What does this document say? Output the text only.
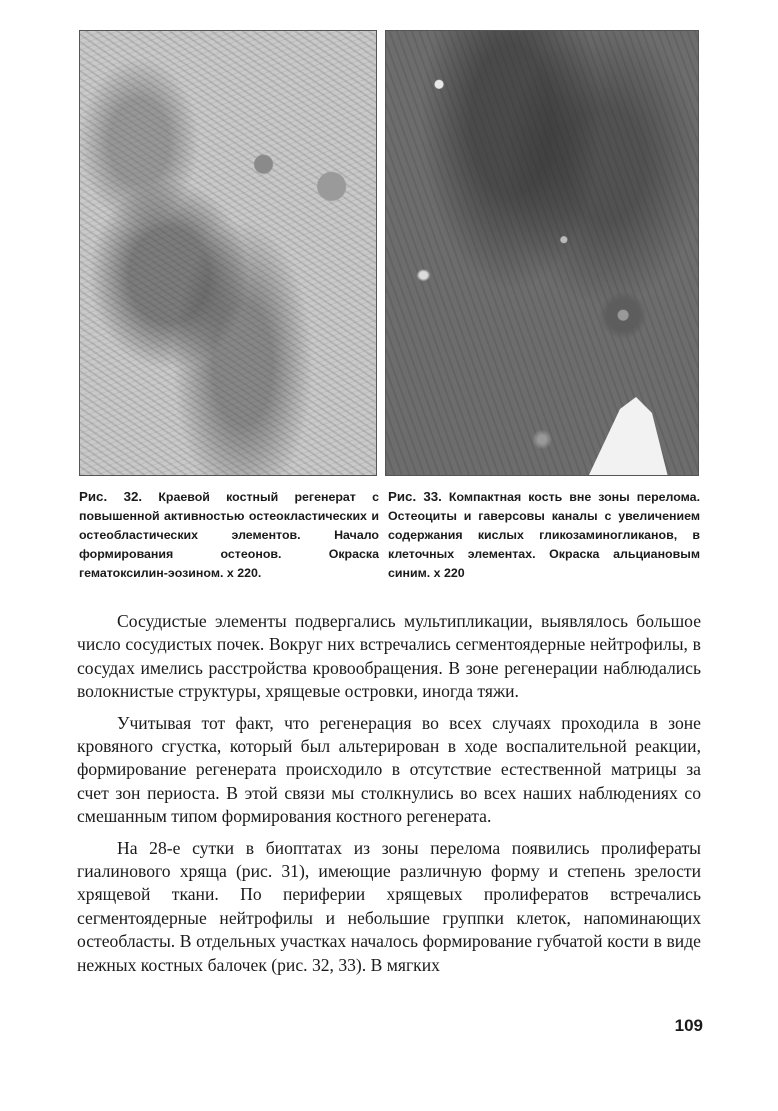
Рис. 32. Краевой костный регенерат с повышенной активностью остеокластических и остеобластических элементов. Начало формирования остеонов. Окраска гематоксилин-эозином. х 220.

Рис. 33. Компактная кость вне зоны перелома. Остеоциты и гаверсовы каналы с увеличением содержания кислых гликозаминогликанов, в клеточных элементах. Окраска альциановым синим. х 220

Сосудистые элементы подвергались мультипликации, выявлялось большое число сосудистых почек. Вокруг них встречались сегментоядерные нейтрофилы, в сосудах имелись расстройства кровообращения. В зоне регенерации наблюдались волокнистые структуры, хрящевые островки, иногда тяжи.

Учитывая тот факт, что регенерация во всех случаях проходила в зоне кровяного сгустка, который был альтерирован в ходе воспалительной реакции, формирование регенерата происходило в отсутствие естественной матрицы за счет зон периоста. В этой связи мы столкнулись во всех наших наблюдениях со смешанным типом формирования костного регенерата.

На 28-е сутки в биоптатах из зоны перелома появились пролифераты гиалинового хряща (рис. 31), имеющие различную форму и степень зрелости хрящевой ткани. По периферии хрящевых пролифератов встречались сегментоядерные нейтрофилы и небольшие группки клеток, напоминающих остеобласты. В отдельных участках началось формирование губчатой кости в виде нежных костных балочек (рис. 32, 33). В мягких

109
